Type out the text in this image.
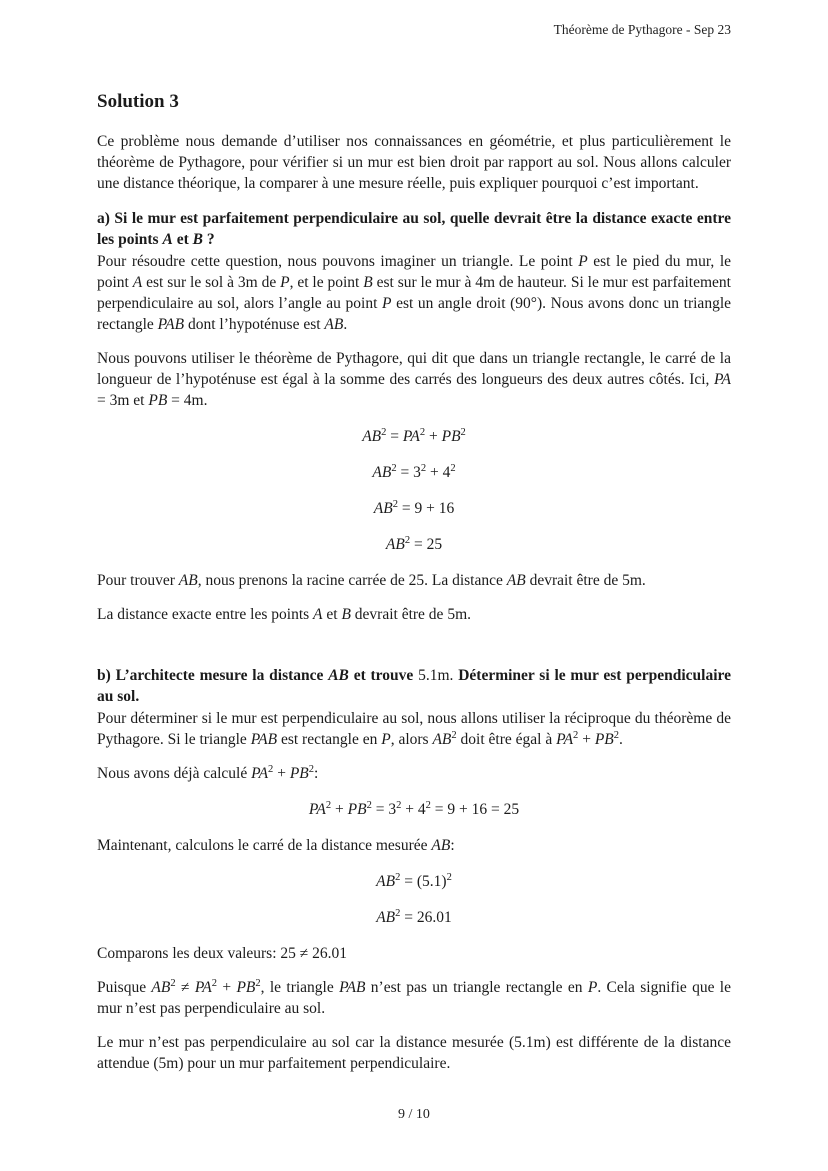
Théorème de Pythagore - Sep 23
Solution 3
Ce problème nous demande d’utiliser nos connaissances en géométrie, et plus particulièrement le théorème de Pythagore, pour vérifier si un mur est bien droit par rapport au sol. Nous allons calculer une distance théorique, la comparer à une mesure réelle, puis expliquer pourquoi c’est important.
a) Si le mur est parfaitement perpendiculaire au sol, quelle devrait être la distance exacte entre les points A et B ?
Pour résoudre cette question, nous pouvons imaginer un triangle. Le point P est le pied du mur, le point A est sur le sol à 3m de P, et le point B est sur le mur à 4m de hauteur. Si le mur est parfaitement perpendiculaire au sol, alors l’angle au point P est un angle droit (90°). Nous avons donc un triangle rectangle PAB dont l’hypoténuse est AB.
Nous pouvons utiliser le théorème de Pythagore, qui dit que dans un triangle rectangle, le carré de la longueur de l’hypoténuse est égal à la somme des carrés des longueurs des deux autres côtés. Ici, PA = 3m et PB = 4m.
$AB^2 = PA^2 + PB^2$
$AB^2 = 3^2 + 4^2$
$AB^2 = 9 + 16$
$AB^2 = 25$
Pour trouver AB, nous prenons la racine carrée de 25. La distance AB devrait être de 5m.
La distance exacte entre les points A et B devrait être de 5m.
b) L’architecte mesure la distance AB et trouve 5.1m. Déterminer si le mur est perpendiculaire au sol.
Pour déterminer si le mur est perpendiculaire au sol, nous allons utiliser la réciproque du théorème de Pythagore. Si le triangle PAB est rectangle en P, alors $AB^2$ doit être égal à $PA^2 + PB^2$.
Nous avons déjà calculé $PA^2 + PB^2$:
$PA^2 + PB^2 = 3^2 + 4^2 = 9 + 16 = 25$
Maintenant, calculons le carré de la distance mesurée AB:
$AB^2 = (5.1)^2$
$AB^2 = 26.01$
Comparons les deux valeurs: 25 ≠ 26.01
Puisque $AB^2 \ne PA^2 + PB^2$, le triangle PAB n’est pas un triangle rectangle en P. Cela signifie que le mur n’est pas perpendiculaire au sol.
Le mur n’est pas perpendiculaire au sol car la distance mesurée (5.1m) est différente de la distance attendue (5m) pour un mur parfaitement perpendiculaire.
9 / 10
